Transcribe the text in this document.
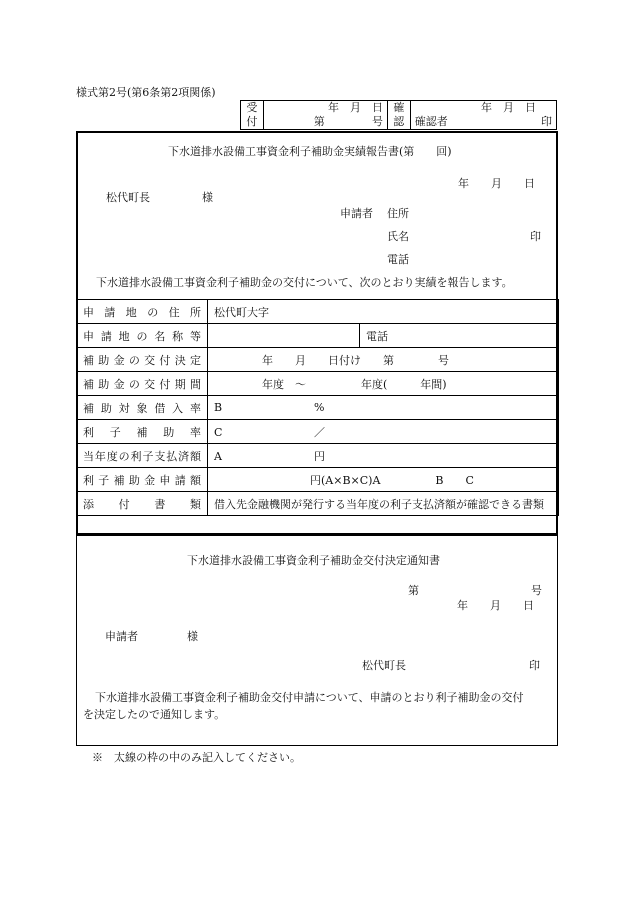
様式第2号(第6条第2項関係)
受
付

年　月　日
第	号

確
認

年　月　日
確認者	印
下水道排水設備工事資金利子補助金実績報告書(第　　回)
年　　月　　日
松代町長	様
申請者 住所
氏名	印
電話
下水道排水設備工事資金利子補助金の交付について、次のとおり実績を報告します。
申請地の住所	松代町大字	
申請地の名称等		電話
補助金の交付決定	年　　月　　日付け　　第　　　　号	
補助金の交付期間	年度　～　　　　　年度(　　　年間)	
補助対象借入率	B %	
利子補助率	C ／	
当年度の利子支払済額	A 円	
利子補助金申請額	円(A×B×C)A　　　　　B　　C	
添付書類	借入先金融機関が発行する当年度の利子支払済額が確認できる書類	
下水道排水設備工事資金利子補助金交付決定通知書
第	号
年　　月　　日
申請者	様
松代町長	印
下水道排水設備工事資金利子補助金交付申請について、申請のとおり利子補助金の交付
を決定したので通知します。
※　太線の枠の中のみ記入してください。
